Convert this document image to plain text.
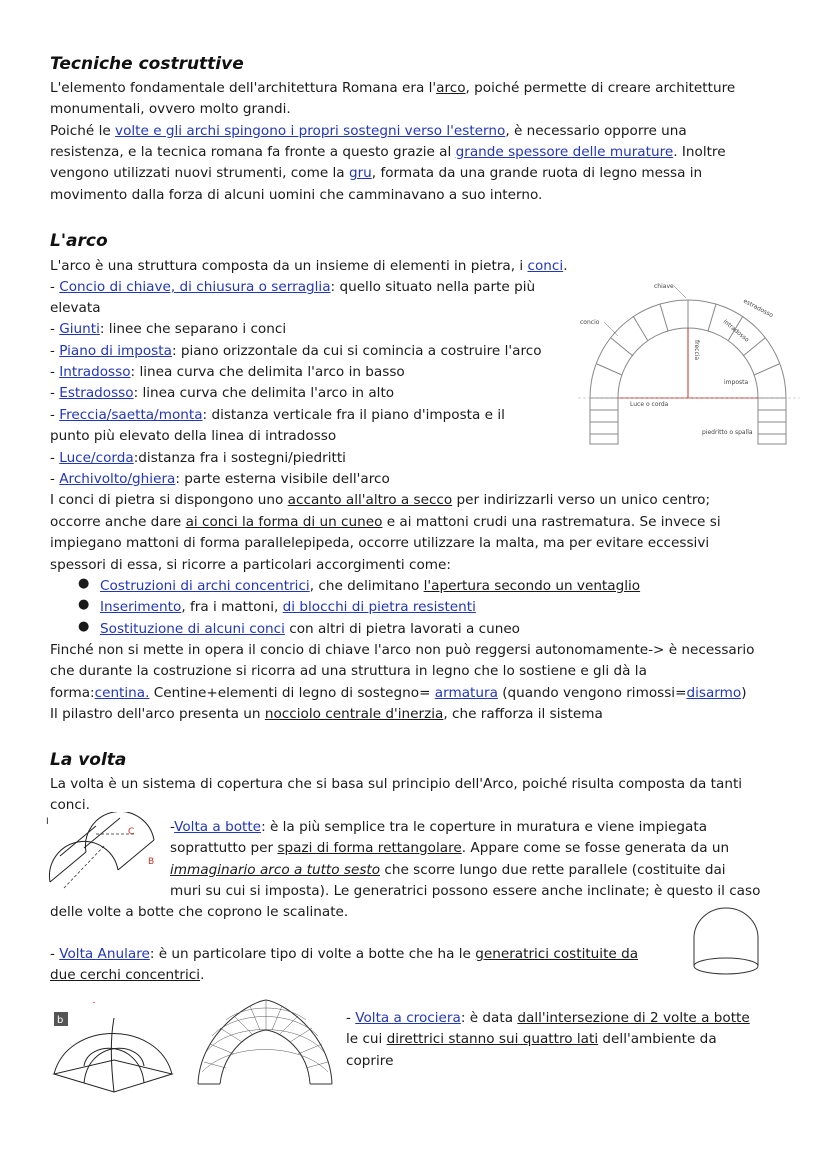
Tecniche costruttive
L'elemento fondamentale dell'architettura Romana era l'arco, poiché permette di creare architetture
monumentali, ovvero molto grandi.
Poiché le volte e gli archi spingono i propri sostegni verso l'esterno, è necessario opporre una
resistenza, e la tecnica romana fa fronte a questo grazie al grande spessore delle murature. Inoltre
vengono utilizzati nuovi strumenti, come la gru, formata da una grande ruota di legno messa in
movimento dalla forza di alcuni uomini che camminavano a suo interno.
L'arco
L'arco è una struttura composta da un insieme di elementi in pietra, i conci.
- Concio di chiave, di chiusura o serraglia: quello situato nella parte più
elevata
- Giunti: linee che separano i conci
- Piano di imposta: piano orizzontale da cui si comincia a costruire l'arco
- Intradosso: linea curva che delimita l'arco in basso
- Estradosso: linea curva che delimita l'arco in alto
- Freccia/saetta/monta: distanza verticale fra il piano d'imposta e il
punto più elevato della linea di intradosso
- Luce/corda:distanza fra i sostegni/piedritti
- Archivolto/ghiera: parte esterna visibile dell'arco
I conci di pietra si dispongono uno accanto all'altro a secco per indirizzarli verso un unico centro;
occorre anche dare ai conci la forma di un cuneo e ai mattoni crudi una rastrematura. Se invece si
impiegano mattoni di forma parallelepipeda, occorre utilizzare la malta, ma per evitare eccessivi
spessori di essa, si ricorre a particolari accorgimenti come:
● Costruzioni di archi concentrici, che delimitano l'apertura secondo un ventaglio
● Inserimento, fra i mattoni, di blocchi di pietra resistenti
● Sostituzione di alcuni conci con altri di pietra lavorati a cuneo
Finché non si mette in opera il concio di chiave l'arco non può reggersi autonomamente-> è necessario
che durante la costruzione si ricorra ad una struttura in legno che lo sostiene e gli dà la
forma:centina. Centine+elementi di legno di sostegno= armatura (quando vengono rimossi=disarmo)
Il pilastro dell'arco presenta un nocciolo centrale d'inerzia, che rafforza il sistema
chiave
concio
estradosso
intradosso
freccia
imposta
Luce o corda
piedritto o spalla
La volta
La volta è un sistema di copertura che si basa sul principio dell'Arco, poiché risulta composta da tanti
conci.
C
B
I	-Volta a botte: è la più semplice tra le coperture in muratura e viene impiegata
soprattutto per spazi di forma rettangolare. Appare come se fosse generata da un
immaginario arco a tutto sesto che scorre lungo due rette parallele (costituite dai
muri su cui si imposta). Le generatrici possono essere anche inclinate; è questo il caso
delle volte a botte che coprono le scalinate.
- Volta Anulare: è un particolare tipo di volte a botte che ha le generatrici costituite da
due cerchi concentrici.
b
˘
- Volta a crociera: è data dall'intersezione di 2 volte a botte
le cui direttrici stanno sui quattro lati dell'ambiente da
coprire
